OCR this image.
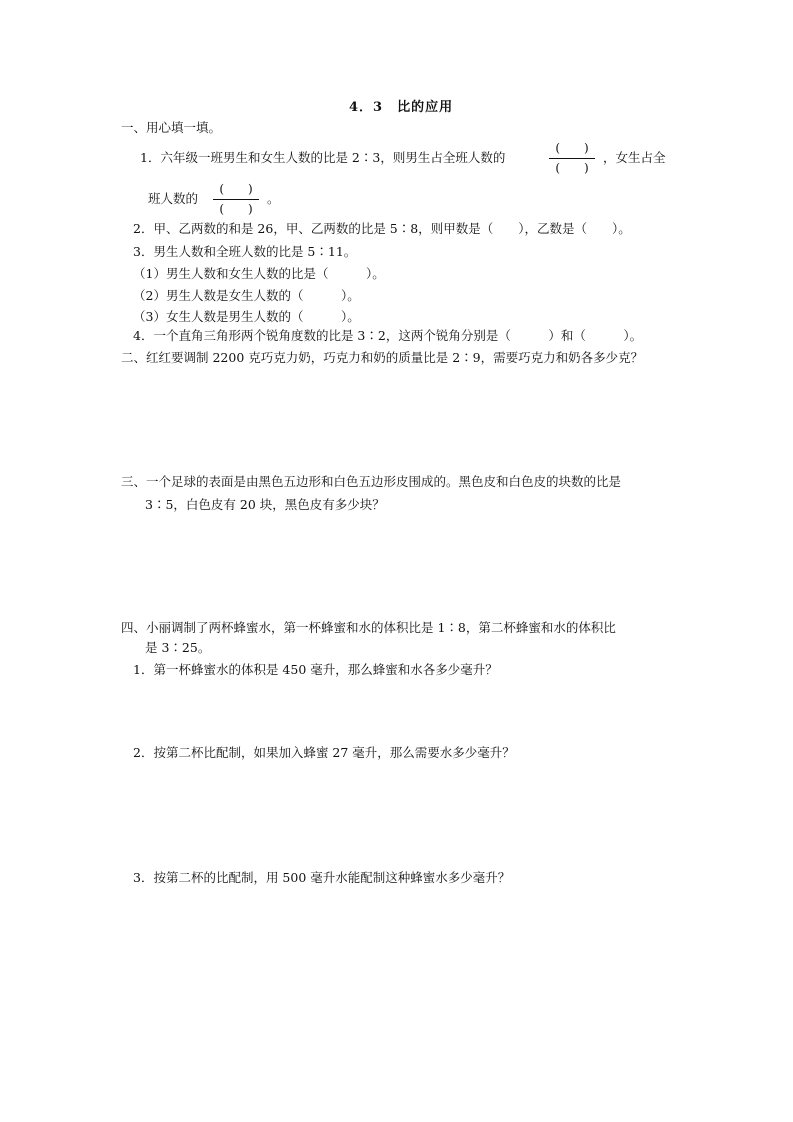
4．3　比的应用
一、用心填一填。
1．六年级一班男生和女生人数的比是 2∶3，则男生占全班人数的
(　　)
(　　)
，女生占全
班人数的
(　　)
(　　)
。
2．甲、乙两数的和是 26，甲、乙两数的比是 5∶8，则甲数是（　　），乙数是（　　）。
3．男生人数和全班人数的比是 5∶11。
（1）男生人数和女生人数的比是（　　　）。
（2）男生人数是女生人数的（　　　）。
（3）女生人数是男生人数的（　　　）。
4．一个直角三角形两个锐角度数的比是 3∶2，这两个锐角分别是（　　　）和（　　　）。
二、红红要调制 2200 克巧克力奶，巧克力和奶的质量比是 2∶9，需要巧克力和奶各多少克？
三、一个足球的表面是由黑色五边形和白色五边形皮围成的。黑色皮和白色皮的块数的比是
3∶5，白色皮有 20 块，黑色皮有多少块？
四、小丽调制了两杯蜂蜜水，第一杯蜂蜜和水的体积比是 1∶8，第二杯蜂蜜和水的体积比
是 3∶25。
1．第一杯蜂蜜水的体积是 450 毫升，那么蜂蜜和水各多少毫升？
2．按第二杯比配制，如果加入蜂蜜 27 毫升，那么需要水多少毫升？
3．按第二杯的比配制，用 500 毫升水能配制这种蜂蜜水多少毫升？
